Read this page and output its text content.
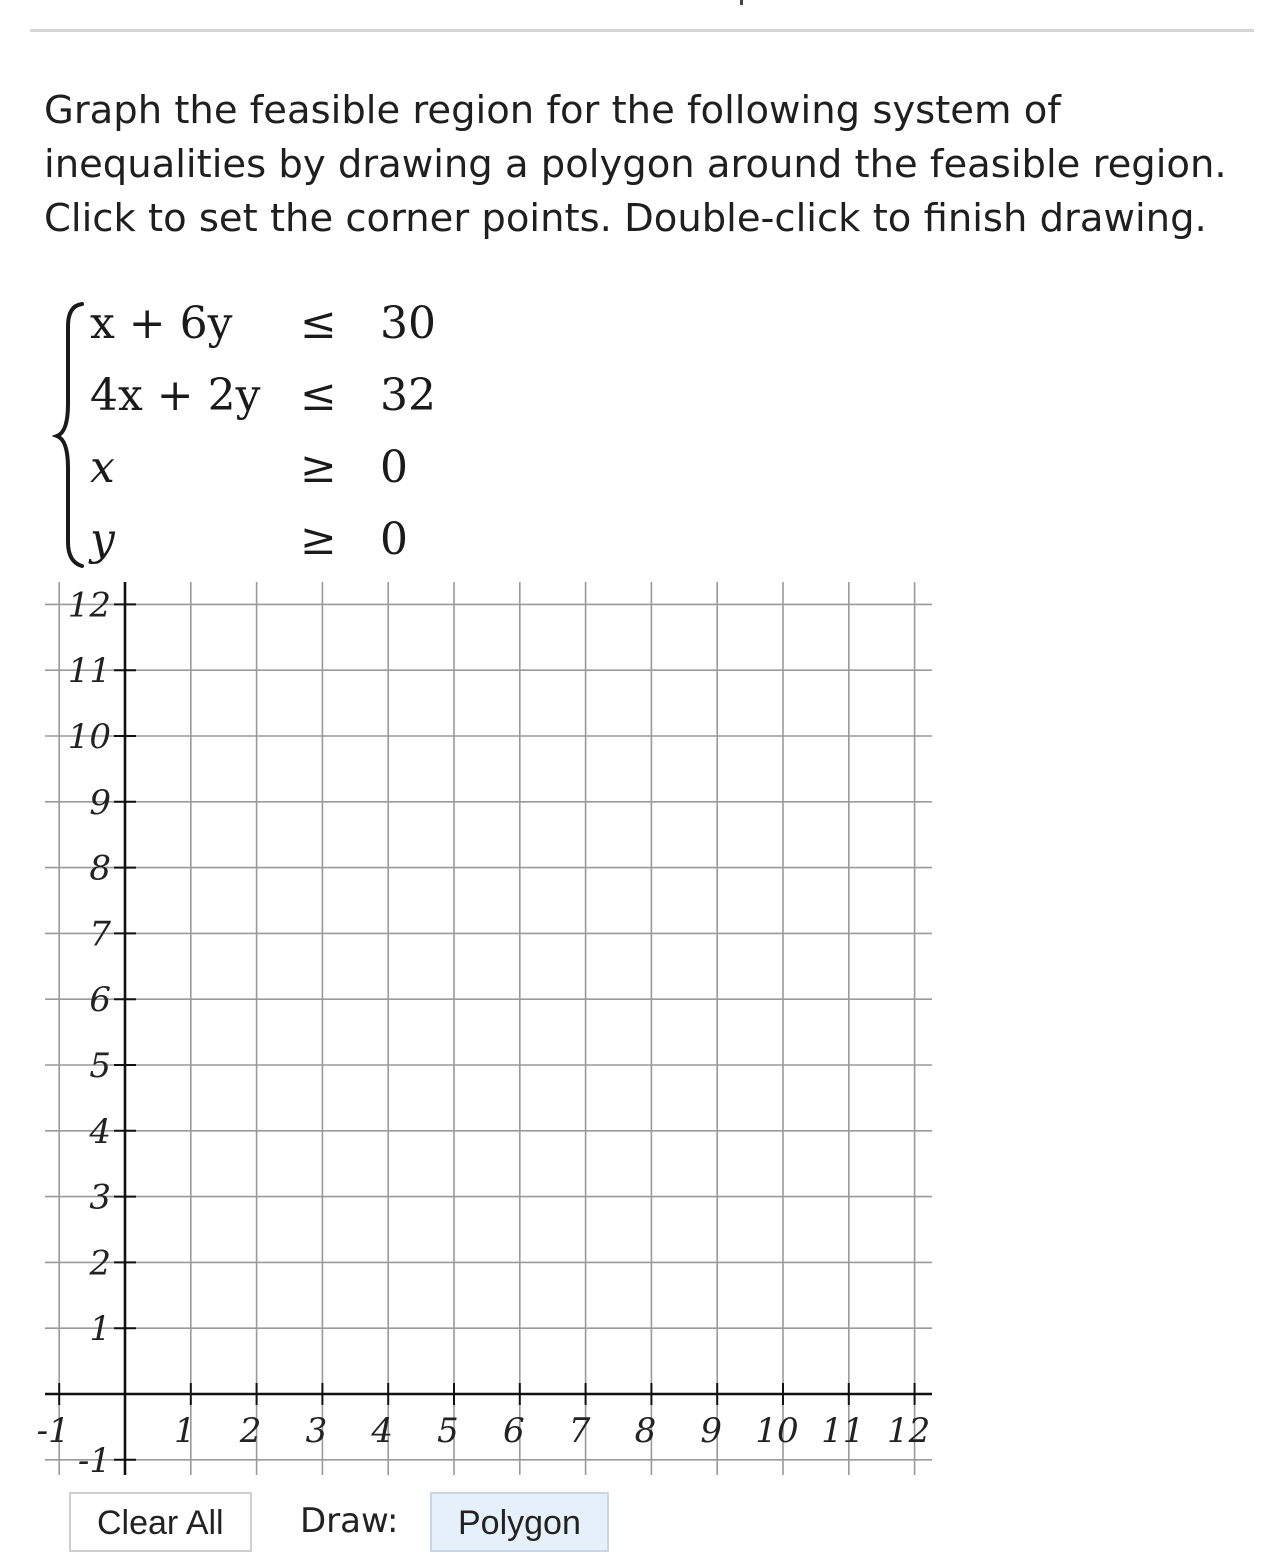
Graph the feasible region for the following system of inequalities by drawing a polygon around the feasible region. Click to set the corner points. Double-click to finish drawing.

x + 6y ≤ 30
4x + 2y ≤ 32
x	≥ 0
y	≥ 0
-1	1 2 3 4 5 6 7 8 9 10 11 12
-1
1
2
3
4
5
6
7
8
9
10
11
12
Clear All	Draw:	Polygon
